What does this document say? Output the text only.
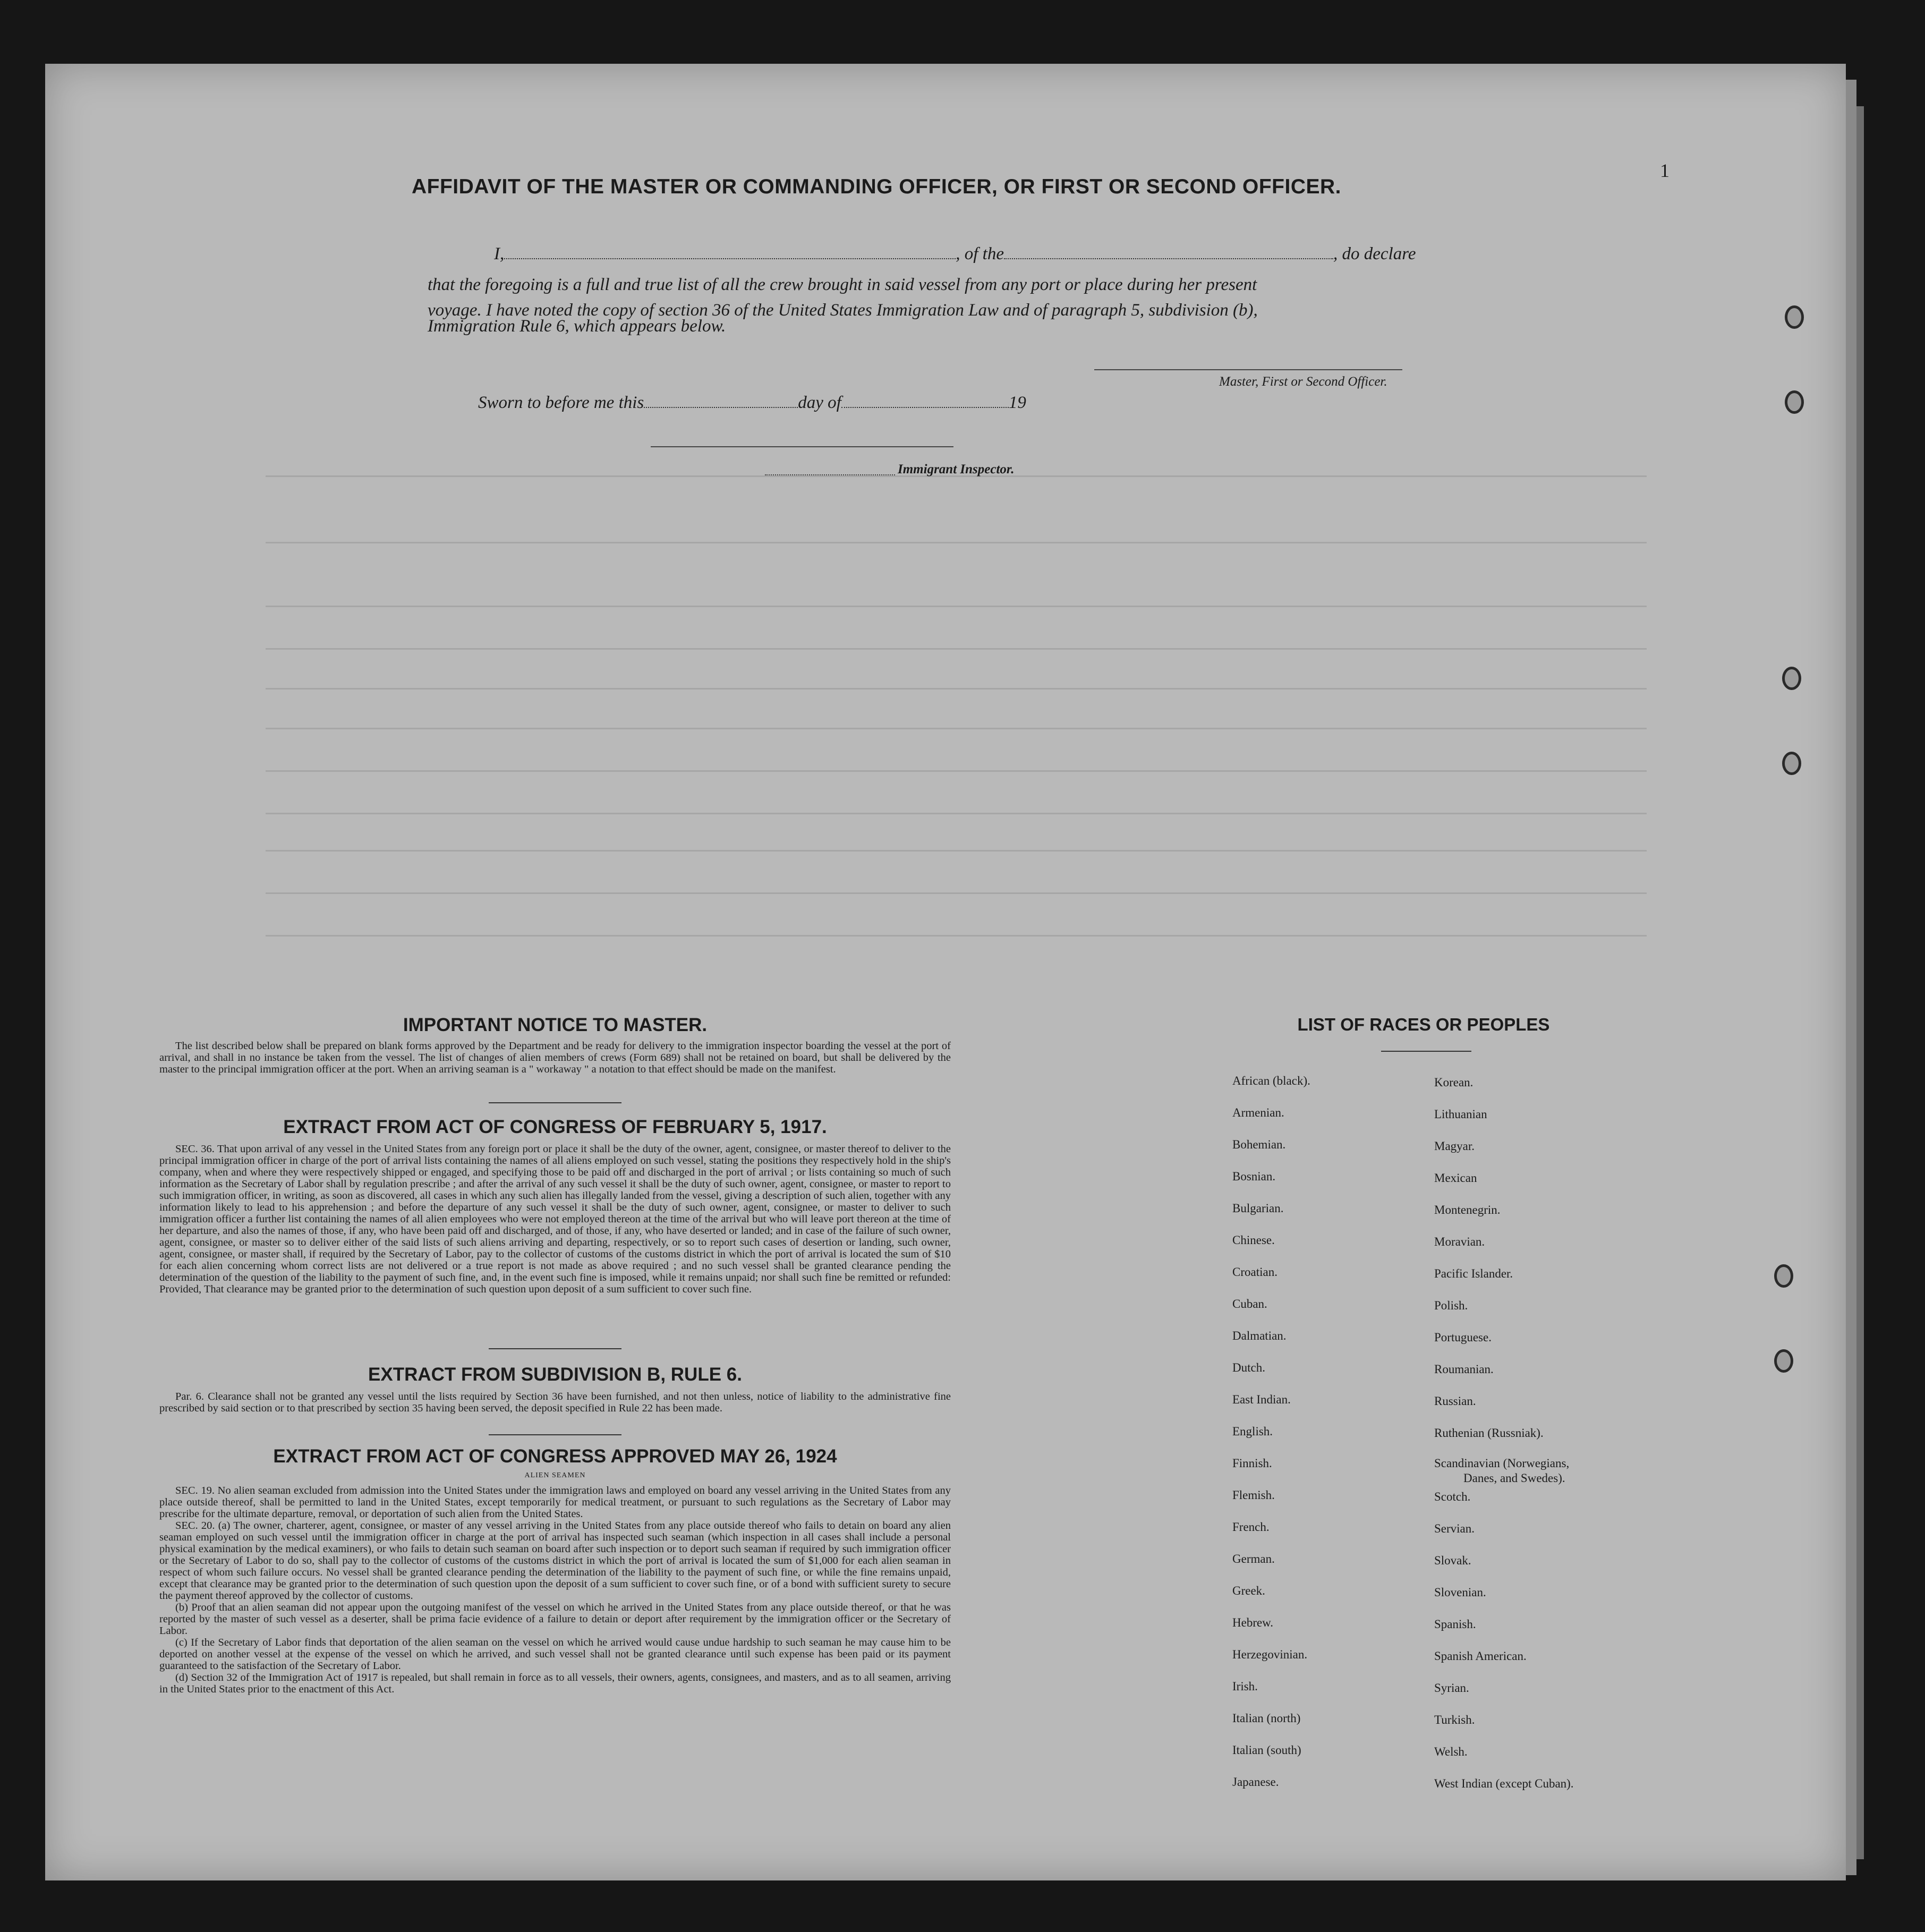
1
AFFIDAVIT OF THE MASTER OR COMMANDING OFFICER, OR FIRST OR SECOND OFFICER.
I,	, of the	, do declare
that the foregoing is a full and true list of all the crew brought in said vessel from any port or place during her present
voyage. I have noted the copy of section 36 of the United States Immigration Law and of paragraph 5, subdivision (b),
Immigration Rule 6, which appears below.
Master, First or Second Officer.
Sworn to before me this	day of	19
Immigrant Inspector.
IMPORTANT NOTICE TO MASTER.

The list described below shall be prepared on blank forms approved by the Department and be ready for delivery to the immigration inspector boarding the vessel at the port of arrival, and shall in no instance be taken from the vessel. The list of changes of alien members of crews (Form 689) shall not be retained on board, but shall be delivered by the master to the principal immigration officer at the port. When an arriving seaman is a " workaway " a notation to that effect should be made on the manifest.

EXTRACT FROM ACT OF CONGRESS OF FEBRUARY 5, 1917.

SEC. 36. That upon arrival of any vessel in the United States from any foreign port or place it shall be the duty of the owner, agent, consignee, or master thereof to deliver to the principal immigration officer in charge of the port of arrival lists containing the names of all aliens employed on such vessel, stating the positions they respectively hold in the ship's company, when and where they were respectively shipped or engaged, and specifying those to be paid off and discharged in the port of arrival ; or lists containing so much of such information as the Secretary of Labor shall by regulation prescribe ; and after the arrival of any such vessel it shall be the duty of such owner, agent, consignee, or master to report to such immigration officer, in writing, as soon as discovered, all cases in which any such alien has illegally landed from the vessel, giving a description of such alien, together with any information likely to lead to his apprehension ; and before the departure of any such vessel it shall be the duty of such owner, agent, consignee, or master to deliver to such immigration officer a further list containing the names of all alien employees who were not employed thereon at the time of the arrival but who will leave port thereon at the time of her departure, and also the names of those, if any, who have been paid off and discharged, and of those, if any, who have deserted or landed; and in case of the failure of such owner, agent, consignee, or master so to deliver either of the said lists of such aliens arriving and departing, respectively, or so to report such cases of desertion or landing, such owner, agent, consignee, or master shall, if required by the Secretary of Labor, pay to the collector of customs of the customs district in which the port of arrival is located the sum of $10 for each alien concerning whom correct lists are not delivered or a true report is not made as above required ; and no such vessel shall be granted clearance pending the determination of the question of the liability to the payment of such fine, and, in the event such fine is imposed, while it remains unpaid; nor shall such fine be remitted or refunded: Provided, That clearance may be granted prior to the determination of such question upon deposit of a sum sufficient to cover such fine.

EXTRACT FROM SUBDIVISION B, RULE 6.

Par. 6. Clearance shall not be granted any vessel until the lists required by Section 36 have been furnished, and not then unless, notice of liability to the administrative fine prescribed by said section or to that prescribed by section 35 having been served, the deposit specified in Rule 22 has been made.

EXTRACT FROM ACT OF CONGRESS APPROVED MAY 26, 1924
ALIEN SEAMEN

SEC. 19. No alien seaman excluded from admission into the United States under the immigration laws and employed on board any vessel arriving in the United States from any place outside thereof, shall be permitted to land in the United States, except temporarily for medical treatment, or pursuant to such regulations as the Secretary of Labor may prescribe for the ultimate departure, removal, or deportation of such alien from the United States.

SEC. 20. (a) The owner, charterer, agent, consignee, or master of any vessel arriving in the United States from any place outside thereof who fails to detain on board any alien seaman employed on such vessel until the immigration officer in charge at the port of arrival has inspected such seaman (which inspection in all cases shall include a personal physical examination by the medical examiners), or who fails to detain such seaman on board after such inspection or to deport such seaman if required by such immigration officer or the Secretary of Labor to do so, shall pay to the collector of customs of the customs district in which the port of arrival is located the sum of $1,000 for each alien seaman in respect of whom such failure occurs. No vessel shall be granted clearance pending the determination of the liability to the payment of such fine, or while the fine remains unpaid, except that clearance may be granted prior to the determination of such question upon the deposit of a sum sufficient to cover such fine, or of a bond with sufficient surety to secure the payment thereof approved by the collector of customs.

(b) Proof that an alien seaman did not appear upon the outgoing manifest of the vessel on which he arrived in the United States from any place outside thereof, or that he was reported by the master of such vessel as a deserter, shall be prima facie evidence of a failure to detain or deport after requirement by the immigration officer or the Secretary of Labor.

(c) If the Secretary of Labor finds that deportation of the alien seaman on the vessel on which he arrived would cause undue hardship to such seaman he may cause him to be deported on another vessel at the expense of the vessel on which he arrived, and such vessel shall not be granted clearance until such expense has been paid or its payment guaranteed to the satisfaction of the Secretary of Labor.

(d) Section 32 of the Immigration Act of 1917 is repealed, but shall remain in force as to all vessels, their owners, agents, consignees, and masters, and as to all seamen, arriving in the United States prior to the enactment of this Act.

LIST OF RACES OR PEOPLES
African (black).
Armenian.
Bohemian.
Bosnian.
Bulgarian.
Chinese.
Croatian.
Cuban.
Dalmatian.
Dutch.
East Indian.
English.
Finnish.
Flemish.
French.
German.
Greek.
Hebrew.
Herzegovinian.
Irish.
Italian (north)
Italian (south)
Japanese.
Korean.
Lithuanian
Magyar.
Mexican
Montenegrin.
Moravian.
Pacific Islander.
Polish.
Portuguese.
Roumanian.
Russian.
Ruthenian (Russniak).
Scandinavian (Norwegians,
Danes, and Swedes).
Scotch.
Servian.
Slovak.
Slovenian.
Spanish.
Spanish American.
Syrian.
Turkish.
Welsh.
West Indian (except Cuban).
